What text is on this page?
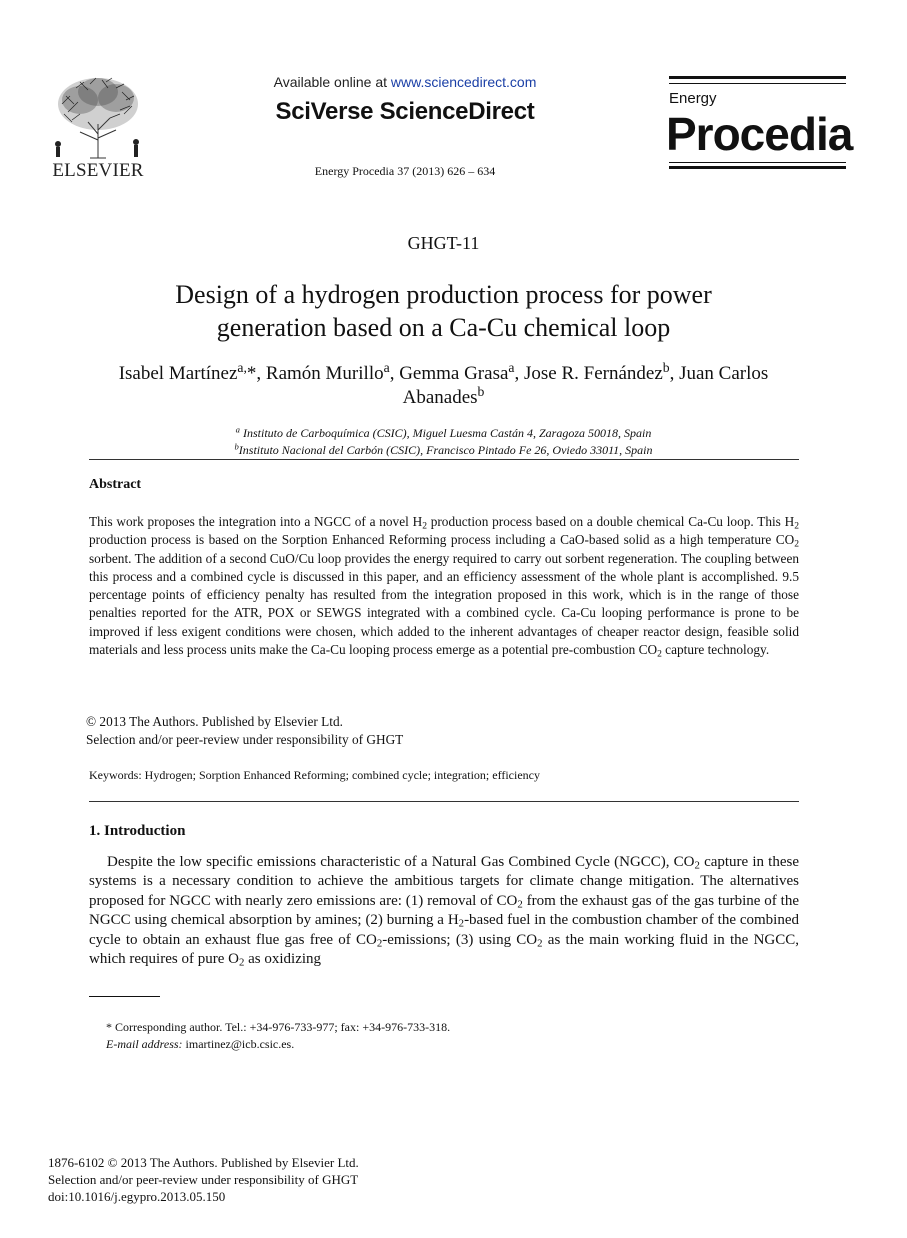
ELSEVIER
Available online at www.sciencedirect.com
SciVerse ScienceDirect
Energy Procedia 37 (2013) 626 – 634
Energy
Procedia
GHGT-11
Design of a hydrogen production process for power
generation based on a Ca-Cu chemical loop
Isabel Martínez$^{a,}$*, Ramón Murillo$^a$, Gemma Grasa$^a$, Jose R. Fernández$^b$, Juan Carlos Abanades$^b$
$^a$ Instituto de Carboquímica (CSIC), Miguel Luesma Castán 4, Zaragoza 50018, Spain
$^b$Instituto Nacional del Carbón (CSIC), Francisco Pintado Fe 26, Oviedo 33011, Spain
Abstract
This work proposes the integration into a NGCC of a novel $H_2$ production process based on a double chemical Ca-Cu loop. This $H_2$ production process is based on the Sorption Enhanced Reforming process including a CaO-based solid as a high temperature $CO_2$ sorbent. The addition of a second CuO/Cu loop provides the energy required to carry out sorbent regeneration. The coupling between this process and a combined cycle is discussed in this paper, and an efficiency assessment of the whole plant is accomplished. 9.5 percentage points of efficiency penalty has resulted from the integration proposed in this work, which is in the range of those penalties reported for the ATR, POX or SEWGS integrated with a combined cycle. Ca-Cu looping performance is prone to be improved if less exigent conditions were chosen, which added to the inherent advantages of cheaper reactor design, feasible solid materials and less process units make the Ca-Cu looping process emerge as a potential pre-combustion $CO_2$ capture technology.
© 2013 The Authors. Published by Elsevier Ltd.
Selection and/or peer-review under responsibility of GHGT
Keywords: Hydrogen; Sorption Enhanced Reforming; combined cycle; integration; efficiency
1. Introduction
Despite the low specific emissions characteristic of a Natural Gas Combined Cycle (NGCC), $CO_2$ capture in these systems is a necessary condition to achieve the ambitious targets for climate change mitigation. The alternatives proposed for NGCC with nearly zero emissions are: (1) removal of $CO_2$ from the exhaust gas of the gas turbine of the NGCC using chemical absorption by amines; (2) burning a $H_2$-based fuel in the combustion chamber of the combined cycle to obtain an exhaust flue gas free of $CO_2$-emissions; (3) using $CO_2$ as the main working fluid in the NGCC, which requires of pure $O_2$ as oxidizing
* Corresponding author. Tel.: +34-976-733-977; fax: +34-976-733-318.
E-mail address: imartinez@icb.csic.es.
1876-6102 © 2013 The Authors. Published by Elsevier Ltd.
Selection and/or peer-review under responsibility of GHGT
doi:10.1016/j.egypro.2013.05.150
